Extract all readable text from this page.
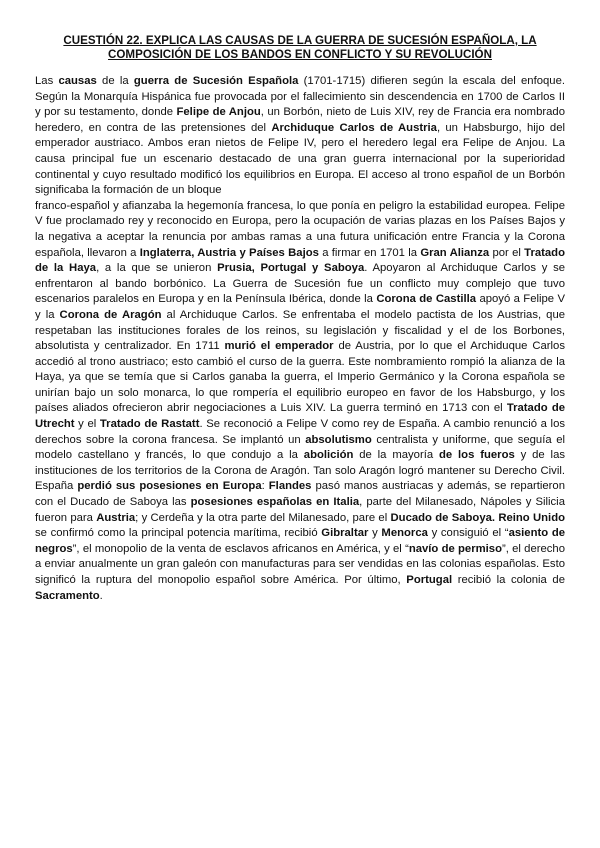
CUESTIÓN 22. EXPLICA LAS CAUSAS DE LA GUERRA DE SUCESIÓN ESPAÑOLA, LA
COMPOSICIÓN DE LOS BANDOS EN CONFLICTO Y SU REVOLUCIÓN

Las causas de la guerra de Sucesión Española (1701-1715) difieren según la escala del enfoque. Según la Monarquía Hispánica fue provocada por el fallecimiento sin descendencia en 1700 de Carlos II y por su testamento, donde Felipe de Anjou, un Borbón, nieto de Luis XIV, rey de Francia era nombrado heredero, en contra de las pretensiones del Archiduque Carlos de Austria, un Habsburgo, hijo del emperador austriaco. Ambos eran nietos de Felipe IV, pero el heredero legal era Felipe de Anjou. La causa principal fue un escenario destacado de una gran guerra internacional por la superioridad continental y cuyo resultado modificó los equilibrios en Europa. El acceso al trono español de un Borbón significaba la formación de un bloque

franco-español y afianzaba la hegemonía francesa, lo que ponía en peligro la estabilidad europea. Felipe V fue proclamado rey y reconocido en Europa, pero la ocupación de varias plazas en los Países Bajos y la negativa a aceptar la renuncia por ambas ramas a una futura unificación entre Francia y la Corona española, llevaron a Inglaterra, Austria y Países Bajos a firmar en 1701 la Gran Alianza por el Tratado de la Haya, a la que se unieron Prusia, Portugal y Saboya. Apoyaron al Archiduque Carlos y se enfrentaron al bando borbónico. La Guerra de Sucesión fue un conflicto muy complejo que tuvo escenarios paralelos en Europa y en la Península Ibérica, donde la Corona de Castilla apoyó a Felipe V y la Corona de Aragón al Archiduque Carlos. Se enfrentaba el modelo pactista de los Austrias, que respetaban las instituciones forales de los reinos, su legislación y fiscalidad y el de los Borbones, absolutista y centralizador. En 1711 murió el emperador de Austria, por lo que el Archiduque Carlos accedió al trono austriaco; esto cambió el curso de la guerra. Este nombramiento rompió la alianza de la Haya, ya que se temía que si Carlos ganaba la guerra, el Imperio Germánico y la Corona española se unirían bajo un solo monarca, lo que rompería el equilibrio europeo en favor de los Habsburgo, y los países aliados ofrecieron abrir negociaciones a Luis XIV. La guerra terminó en 1713 con el Tratado de Utrecht y el Tratado de Rastatt. Se reconoció a Felipe V como rey de España. A cambio renunció a los derechos sobre la corona francesa. Se implantó un absolutismo centralista y uniforme, que seguía el modelo castellano y francés, lo que condujo a la abolición de la mayoría de los fueros y de las instituciones de los territorios de la Corona de Aragón. Tan solo Aragón logró mantener su Derecho Civil. España perdió sus posesiones en Europa: Flandes pasó manos austriacas y además, se repartieron con el Ducado de Saboya las posesiones españolas en Italia, parte del Milanesado, Nápoles y Silicia fueron para Austria; y Cerdeña y la otra parte del Milanesado, pare el Ducado de Saboya. Reino Unido se confirmó como la principal potencia marítima, recibió Gibraltar y Menorca y consiguió el “asiento de negros”, el monopolio de la venta de esclavos africanos en América, y el “navío de permiso”, el derecho a enviar anualmente un gran galeón con manufacturas para ser vendidas en las colonias españolas. Esto significó la ruptura del monopolio español sobre América. Por último, Portugal recibió la colonia de Sacramento.
